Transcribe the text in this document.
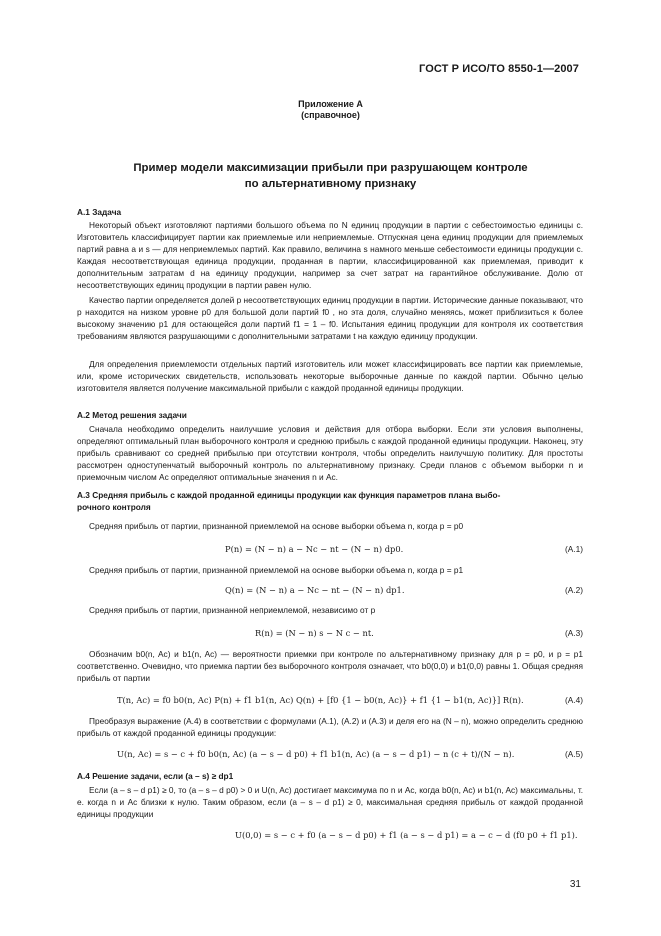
ГОСТ Р ИСО/ТО 8550-1—2007
Приложение А
(справочное)
Пример модели максимизации прибыли при разрушающем контроле
по альтернативному признаку
А.1 Задача
Некоторый объект изготовляют партиями большого объема по N единиц продукции в партии с себестоимостью единицы c. Изготовитель классифицирует партии как приемлемые или неприемлемые. Отпускная цена единиц продукции для приемлемых партий равна a и s — для неприемлемых партий. Как правило, величина s намного меньше себестоимости единицы продукции c. Каждая несоответствующая единица продукции, проданная в партии, классифицированной как приемлемая, приводит к дополнительным затратам d на единицу продукции, например за счет затрат на гарантийное обслуживание. Долю от несоответствующих единиц продукции в партии равен нулю.
Качество партии определяется долей p несоответствующих единиц продукции в партии. Исторические данные показывают, что p находится на низком уровне p0 для большой доли партий f0 , но эта доля, случайно меняясь, может приблизиться к более высокому значению p1 для остающейся доли партий f1 = 1 – f0. Испытания единиц продукции для контроля их соответствия требованиям являются разрушающими с дополнительными затратами t на каждую единицу продукции.
Для определения приемлемости отдельных партий изготовитель или может классифицировать все партии как приемлемые, или, кроме исторических свидетельств, использовать некоторые выборочные данные по каждой партии. Обычно целью изготовителя является получение максимальной прибыли с каждой проданной единицы продукции.
А.2 Метод решения задачи
Сначала необходимо определить наилучшие условия и действия для отбора выборки. Если эти условия выполнены, определяют оптимальный план выборочного контроля и среднюю прибыль с каждой проданной единицы продукции. Наконец, эту прибыль сравнивают со средней прибылью при отсутствии контроля, чтобы определить наилучшую политику. Для простоты рассмотрен одноступенчатый выборочный контроль по альтернативному признаку. Среди планов с объемом выборки n и приемочным числом Ас определяют оптимальные значения n и Ас.
А.3 Средняя прибыль с каждой проданной единицы продукции как функция параметров плана выбо-
рочного контроля
Средняя прибыль от партии, признанной приемлемой на основе выборки объема n, когда p = p0
P(n) = (N − n) a − Nc − nt − (N − n) dp0.	(А.1)
Средняя прибыль от партии, признанной приемлемой на основе выборки объема n, когда p = p1
Q(n) = (N − n) a − Nc − nt − (N − n) dp1.	(А.2)
Средняя прибыль от партии, признанной неприемлемой, независимо от p
R(n) = (N − n) s − N c − nt.	(А.3)
Обозначим b0(n, Ac) и b1(n, Ac) — вероятности приемки при контроле по альтернативному признаку для p = p0, и p = p1 соответственно. Очевидно, что приемка партии без выборочного контроля означает, что b0(0,0) и b1(0,0) равны 1. Общая средняя прибыль от партии
T(n, Ac) = f0 b0(n, Ac) P(n) + f1 b1(n, Ac) Q(n) + [f0 {1 − b0(n, Ac)} + f1 {1 − b1(n, Ac)}] R(n).	(А.4)
Преобразуя выражение (А.4) в соответствии с формулами (А.1), (А.2) и (А.3) и деля его на (N – n), можно определить среднюю прибыль от каждой проданной единицы продукции:
U(n, Ac) = s − c + f0 b0(n, Ac) (a − s − d p0) + f1 b1(n, Ac) (a − s − d p1) − n (c + t)/(N − n).	(А.5)
А.4 Решение задачи, если (a – s) ≥ dp1
Если (a – s – d p1) ≥ 0, то (a – s – d p0) > 0 и U(n, Ac) достигает максимума по n и Ac, когда b0(n, Ac) и b1(n, Ac) максимальны, т. е. когда n и Ac близки к нулю. Таким образом, если (a – s – d p1) ≥ 0, максимальная средняя прибыль от каждой проданной единицы продукции
U(0,0) = s − c + f0 (a − s − d p0) + f1 (a − s − d p1) = a − c − d (f0 p0 + f1 p1).
31
